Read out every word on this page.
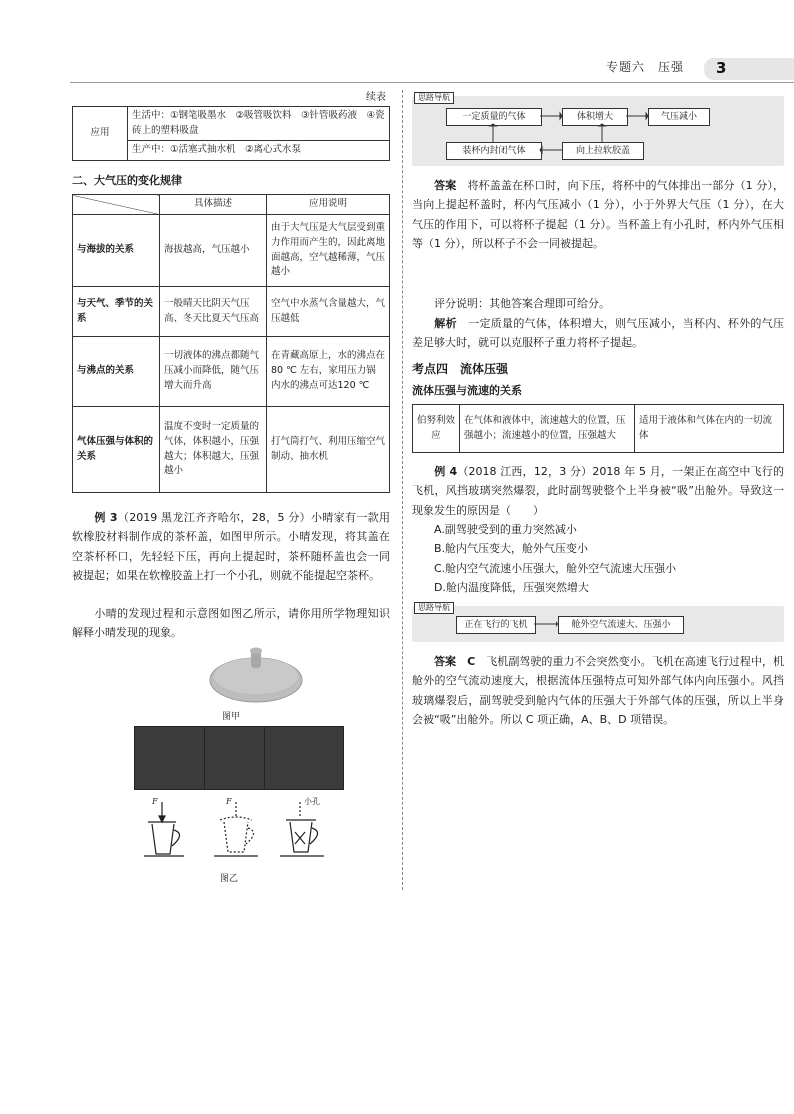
专题六　压强 3
续表
应用	生活中：①钢笔吸墨水　②吸管吸饮料　③针管吸药液　④瓷砖上的塑料吸盘
生产中：①活塞式抽水机　②离心式水泵
二、大气压的变化规律
	具体描述	应用说明
与海拔的关系	海拔越高，气压越小	由于大气压是大气层受到重力作用而产生的，因此离地面越高，空气越稀薄，气压越小
与天气、季节的关系	一般晴天比阴天气压高、冬天比夏天气压高	空气中水蒸气含量越大，气压越低
与沸点的关系	一切液体的沸点都随气压减小而降低，随气压增大而升高	在青藏高原上，水的沸点在80 ℃ 左右，家用压力锅内水的沸点可达120 ℃
气体压强与体积的关系	温度不变时一定质量的气体，体积越小，压强越大；体积越大，压强越小	打气筒打气、利用压缩空气制动、抽水机
例 3（2019 黑龙江齐齐哈尔，28，5 分）小晴家有一款用软橡胶材料制作成的茶杯盖，如图甲所示。小晴发现，将其盖在空茶杯杯口，先轻轻下压，再向上提起时，茶杯随杯盖也会一同被提起；如果在软橡胶盖上打一个小孔，则就不能提起空茶杯。
小晴的发现过程和示意图如图乙所示，请你用所学物理知识解释小晴发现的现象。
图甲
F	F	小孔
图乙
思路导航
一定质量的气体	体积增大	气压减小
装杯内封闭气体	向上拉软胶盖
答案　 将杯盖盖在杯口时，向下压，将杯中的气体排出一部分（1 分），当向上提起杯盖时，杯内气压减小（1 分），小于外界大气压（1 分），在大气压的作用下，可以将杯子提起（1 分）。当杯盖上有小孔时，杯内外气压相等（1 分），所以杯子不会一同被提起。
评分说明：其他答案合理即可给分。
解析　 一定质量的气体，体积增大，则气压减小，当杯内、杯外的气压差足够大时，就可以克服杯子重力将杯子提起。
考点四　流体压强
流体压强与流速的关系
伯努利效应	在气体和液体中，流速越大的位置，压强越小；流速越小的位置，压强越大	适用于液体和气体在内的一切流体
例 4（2018 江西，12，3 分）2018 年 5 月，一架正在高空中飞行的飞机，风挡玻璃突然爆裂，此时副驾驶整个上半身被“吸”出舱外。导致这一现象发生的原因是（　　）

A.副驾驶受到的重力突然减小

B.舱内气压变大，舱外气压变小

C.舱内空气流速小压强大，舱外空气流速大压强小

D.舱内温度降低，压强突然增大

思路导航
正在飞行的飞机	舱外空气流速大、压强小
答案　 C　 飞机副驾驶的重力不会突然变小。飞机在高速飞行过程中，机舱外的空气流动速度大，根据流体压强特点可知外部气体内向压强小。风挡玻璃爆裂后，副驾驶受到舱内气体的压强大于外部气体的压强，所以上半身会被“吸”出舱外。所以 C 项正确，A、B、D 项错误。
